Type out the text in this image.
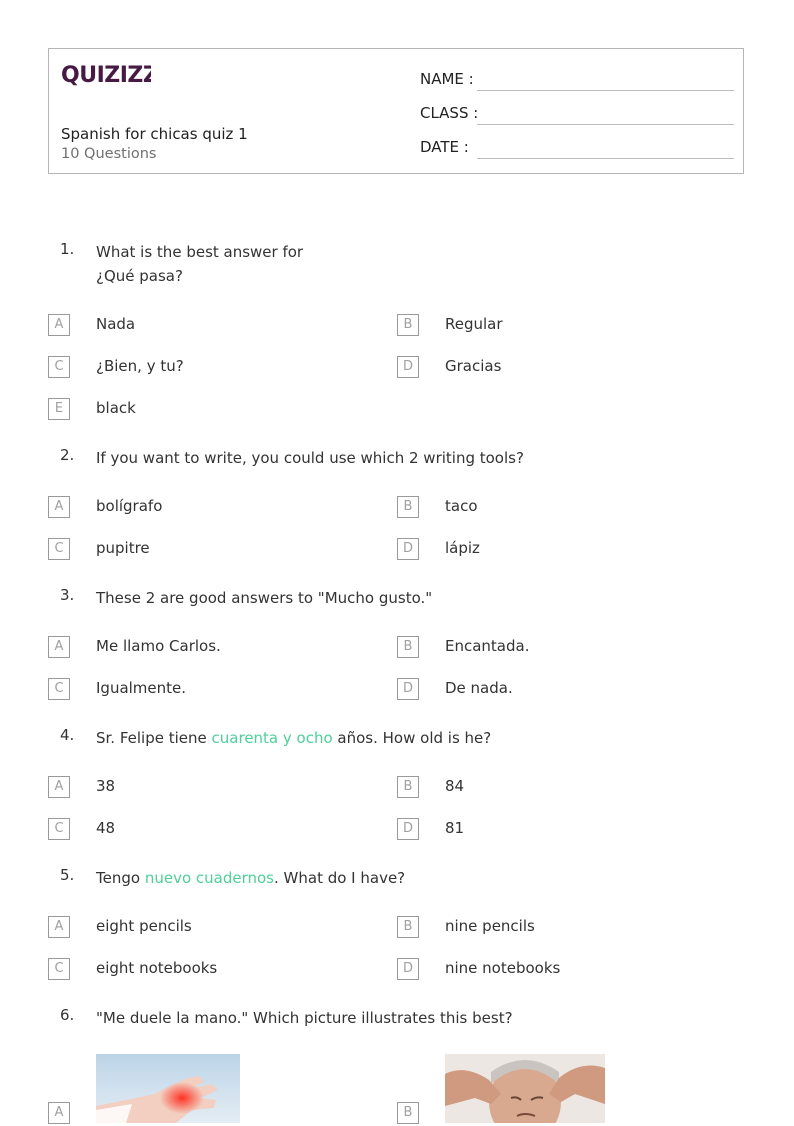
QUIZIZZ
Spanish for chicas quiz 1
10 Questions
NAME :
CLASS :
DATE :
1. What is the best answer for
¿Qué pasa?
A	Nada	B	Regular
C	¿Bien, y tu?	D	Gracias
E	black
2. If you want to write, you could use which 2 writing tools?
A	bolígrafo	B	taco
C	pupitre	D	lápiz
3. These 2 are good answers to "Mucho gusto."
A	Me llamo Carlos.	B	Encantada.
C	Igualmente.	D	De nada.
4. Sr. Felipe tiene cuarenta y ocho años. How old is he?
A	38	B	84
C	48	D	81
5. Tengo nuevo cuadernos. What do I have?
A	eight pencils	B	nine pencils
C	eight notebooks	D	nine notebooks
6. "Me duele la mano." Which picture illustrates this best?
A	B
